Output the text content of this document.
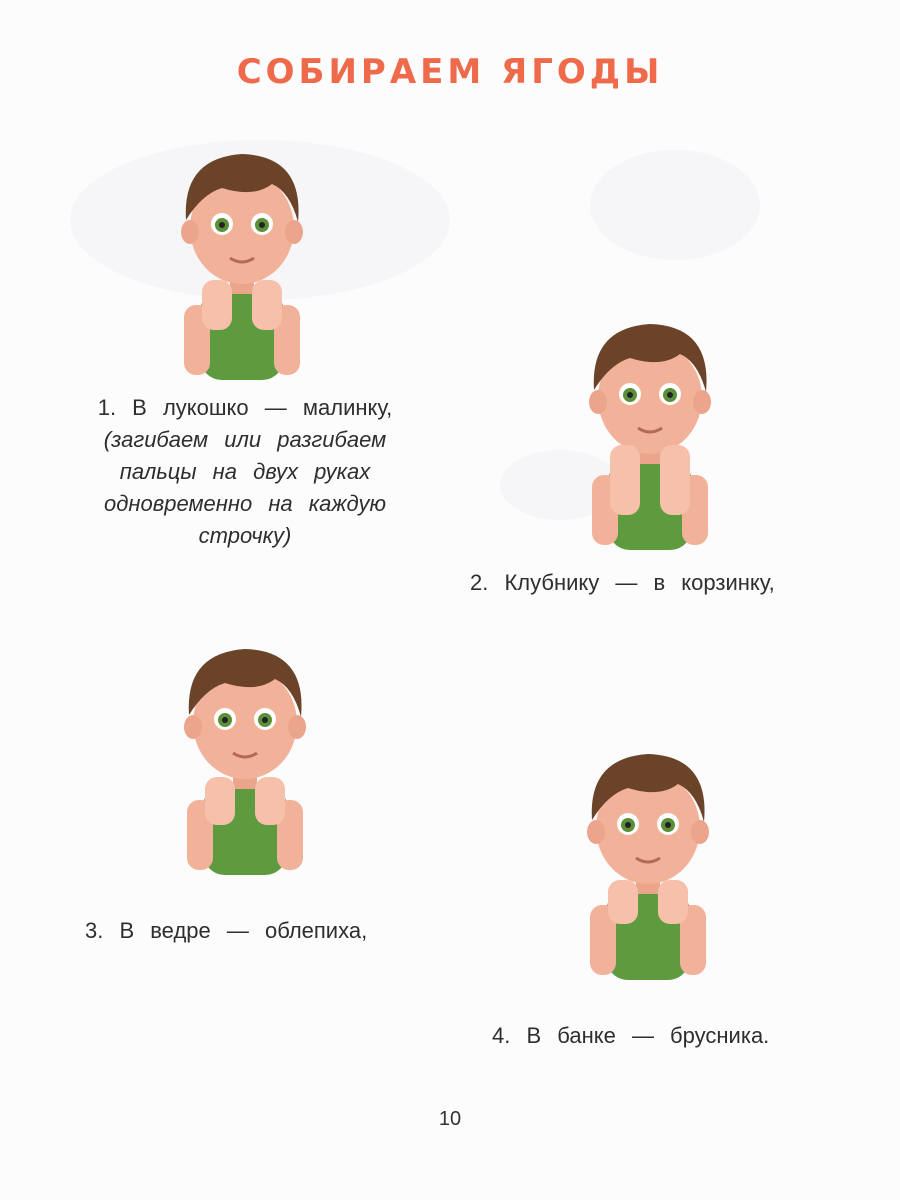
СОБИРАЕМ ЯГОДЫ
1. В лукошко — малинку,
(загибаем или разгибаем пальцы на двух руках одновременно на каждую строчку)
2. Клубнику — в корзинку,
3. В ведре — облепиха,
4. В банке — брусника.
10
